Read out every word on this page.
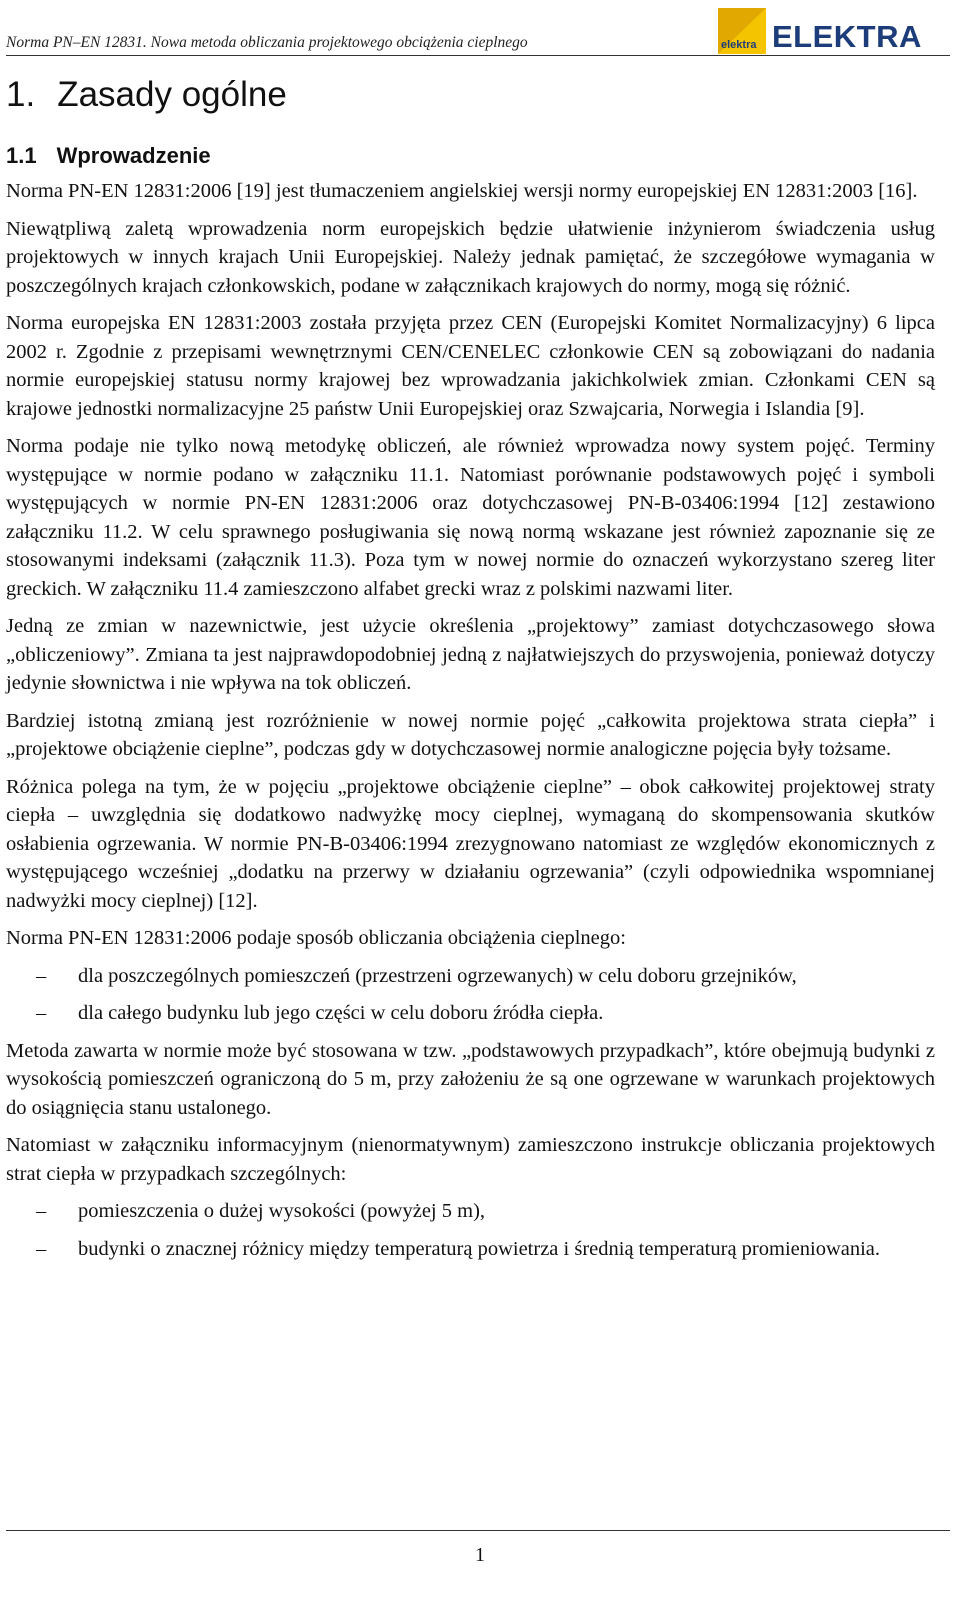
Norma PN–EN 12831. Nowa metoda obliczania projektowego obciążenia cieplnego	elektra ELEKTRA
1. Zasady ogólne
1.1 Wprowadzenie

Norma PN-EN 12831:2006 [19] jest tłumaczeniem angielskiej wersji normy europejskiej EN 12831:2003 [16].

Niewątpliwą zaletą wprowadzenia norm europejskich będzie ułatwienie inżynierom świadczenia usług projektowych w innych krajach Unii Europejskiej. Należy jednak pamiętać, że szczegółowe wymagania w poszczególnych krajach członkowskich, podane w załącznikach krajowych do normy, mogą się różnić.

Norma europejska EN 12831:2003 została przyjęta przez CEN (Europejski Komitet Normalizacyjny) 6 lipca 2002 r. Zgodnie z przepisami wewnętrznymi CEN/CENELEC członkowie CEN są zobowiązani do nadania normie europejskiej statusu normy krajowej bez wprowadzania jakichkolwiek zmian. Członkami CEN są krajowe jednostki normalizacyjne 25 państw Unii Europejskiej oraz Szwajcaria, Norwegia i Islandia [9].

Norma podaje nie tylko nową metodykę obliczeń, ale również wprowadza nowy system pojęć. Terminy występujące w normie podano w załączniku 11.1. Natomiast porównanie podstawowych pojęć i symboli występujących w normie PN-EN 12831:2006 oraz dotychczasowej PN-B-03406:1994 [12] zestawiono załączniku 11.2. W celu sprawnego posługiwania się nową normą wskazane jest również zapoznanie się ze stosowanymi indeksami (załącznik 11.3). Poza tym w nowej normie do oznaczeń wykorzystano szereg liter greckich. W załączniku 11.4 zamieszczono alfabet grecki wraz z polskimi nazwami liter.

Jedną ze zmian w nazewnictwie, jest użycie określenia „projektowy” zamiast dotychczasowego słowa „obliczeniowy”. Zmiana ta jest najprawdopodobniej jedną z najłatwiejszych do przyswojenia, ponieważ dotyczy jedynie słownictwa i nie wpływa na tok obliczeń.

Bardziej istotną zmianą jest rozróżnienie w nowej normie pojęć „całkowita projektowa strata ciepła” i „projektowe obciążenie cieplne”, podczas gdy w dotychczasowej normie analogiczne pojęcia były tożsame.

Różnica polega na tym, że w pojęciu „projektowe obciążenie cieplne” – obok całkowitej projektowej straty ciepła – uwzględnia się dodatkowo nadwyżkę mocy cieplnej, wymaganą do skompensowania skutków osłabienia ogrzewania. W normie PN-B-03406:1994 zrezygnowano natomiast ze względów ekonomicznych z występującego wcześniej „dodatku na przerwy w działaniu ogrzewania” (czyli odpowiednika wspomnianej nadwyżki mocy cieplnej) [12].

Norma PN-EN 12831:2006 podaje sposób obliczania obciążenia cieplnego:

– dla poszczególnych pomieszczeń (przestrzeni ogrzewanych) w celu doboru grzejników,
– dla całego budynku lub jego części w celu doboru źródła ciepła.

Metoda zawarta w normie może być stosowana w tzw. „podstawowych przypadkach”, które obejmują budynki z wysokością pomieszczeń ograniczoną do 5 m, przy założeniu że są one ogrzewane w warunkach projektowych do osiągnięcia stanu ustalonego.

Natomiast w załączniku informacyjnym (nienormatywnym) zamieszczono instrukcje obliczania projektowych strat ciepła w przypadkach szczególnych:

– pomieszczenia o dużej wysokości (powyżej 5 m),
– budynki o znacznej różnicy między temperaturą powietrza i średnią temperaturą promieniowania.
1
